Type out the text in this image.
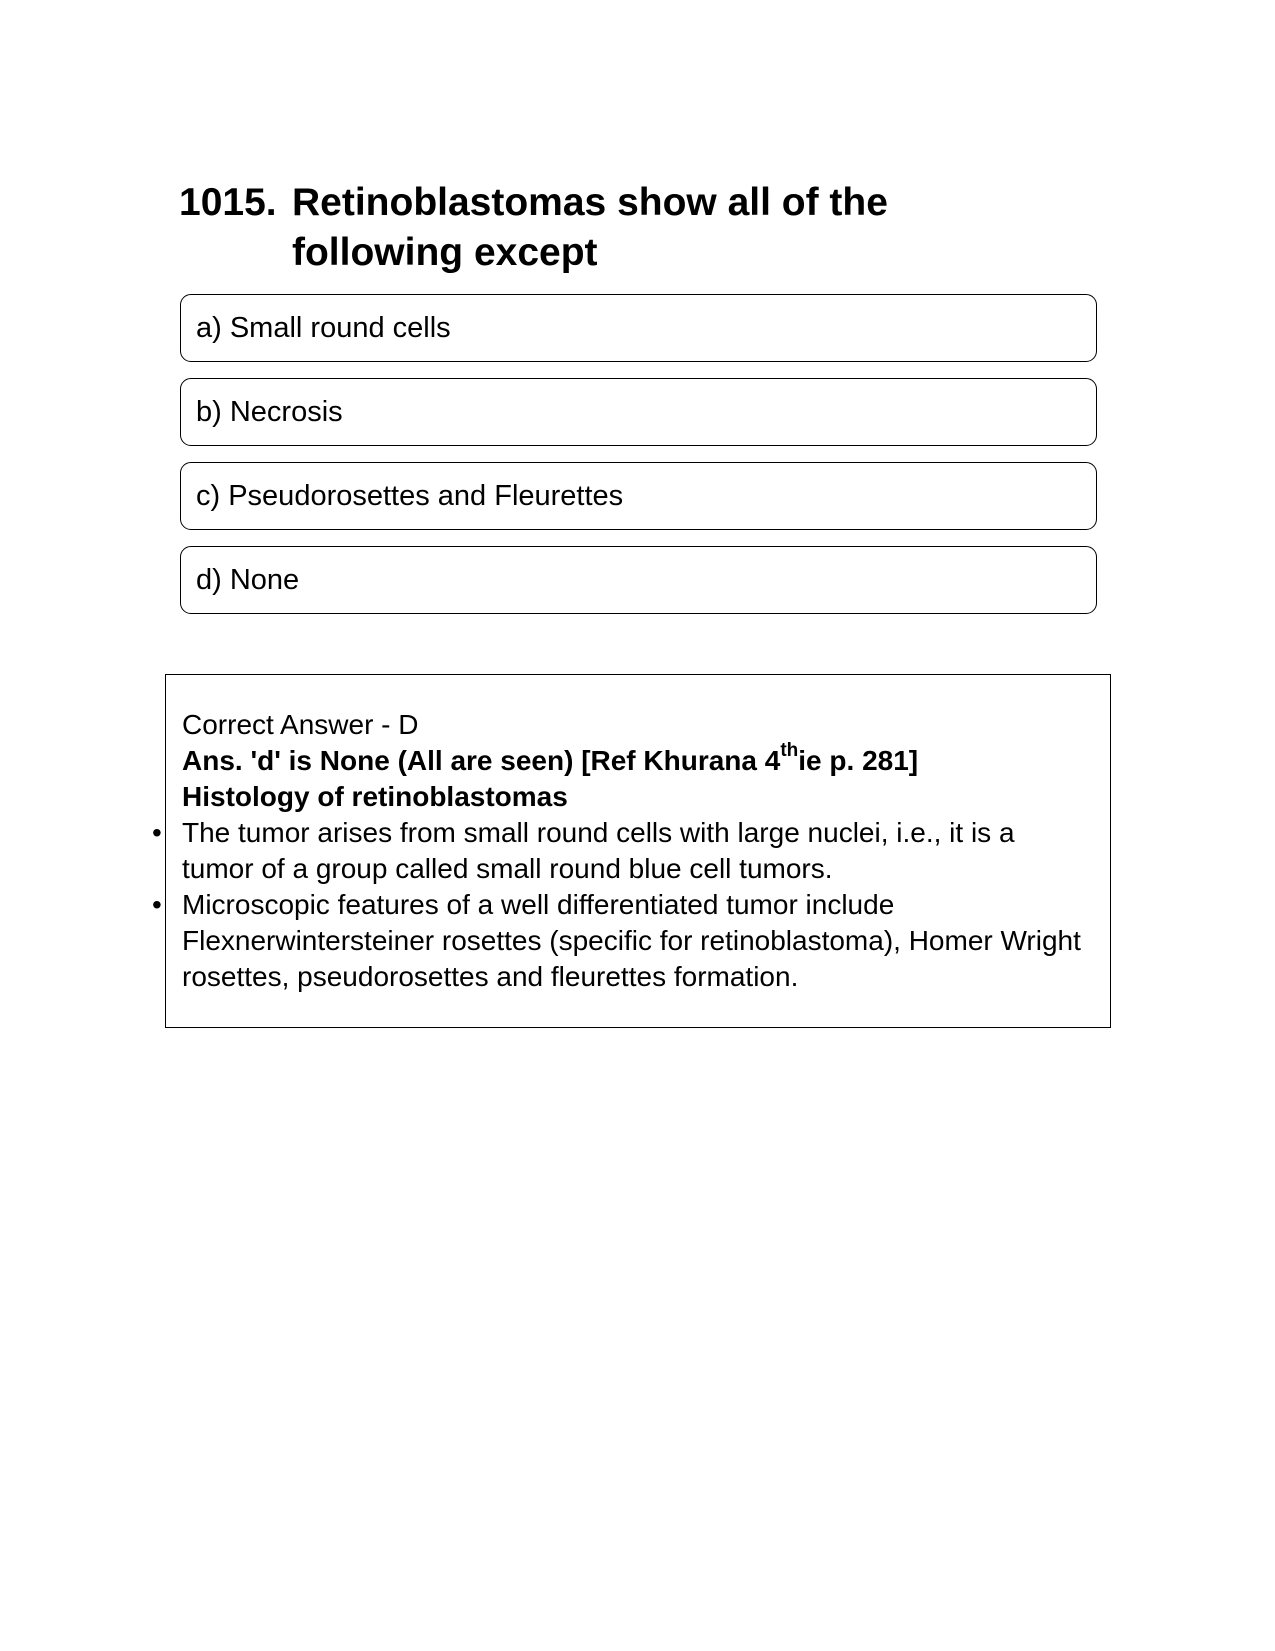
1015. Retinoblastomas show all of the following except
a) Small round cells
b) Necrosis
c) Pseudorosettes and Fleurettes
d) None

Correct Answer - D

Ans. 'd' is None (All are seen) [Ref Khurana 4thie p. 281]

Histology of retinoblastomas

• The tumor arises from small round cells with large nuclei, i.e., it is a tumor of a group called small round blue cell tumors.
• Microscopic features of a well differentiated tumor include Flexnerwintersteiner rosettes (specific for retinoblastoma), Homer Wright rosettes, pseudorosettes and fleurettes formation.
